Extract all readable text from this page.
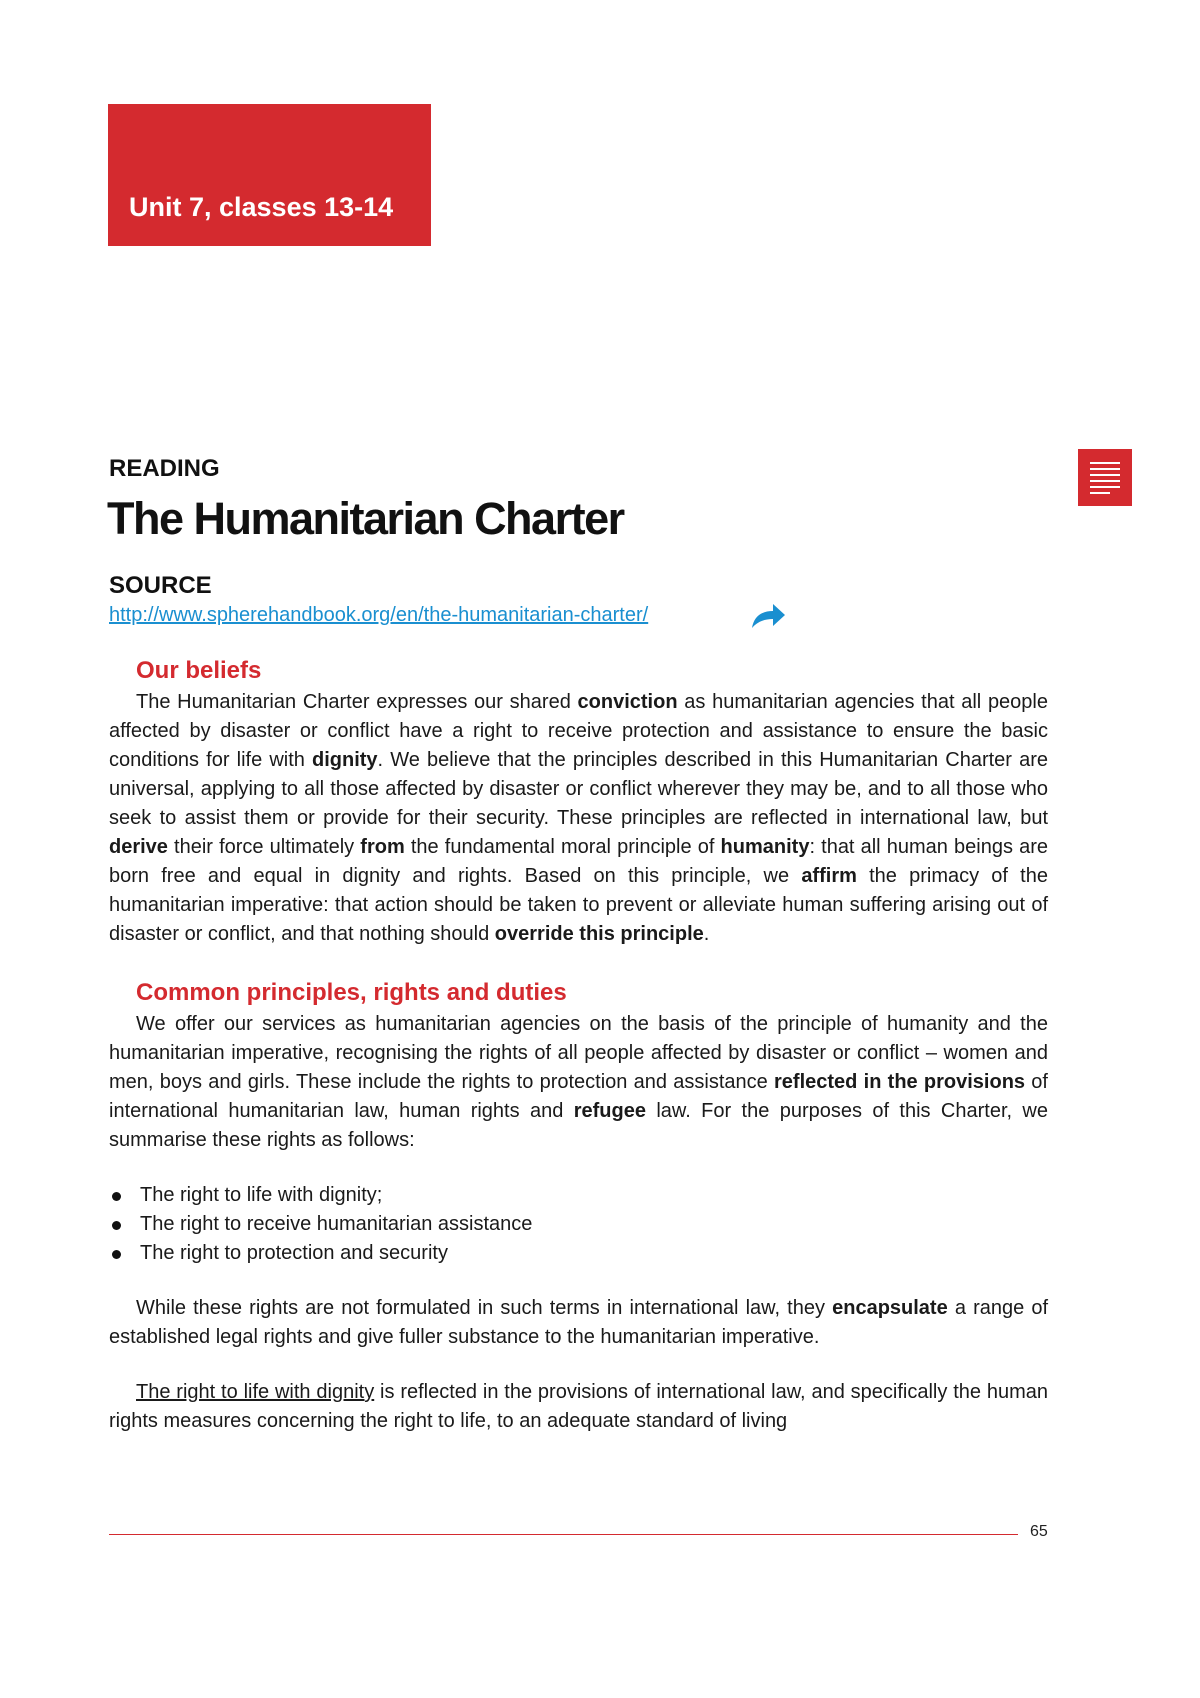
Unit 7, classes 13-14
READING
The Humanitarian Charter
SOURCE
http://www.spherehandbook.org/en/the-humanitarian-charter/
Our beliefs

The Humanitarian Charter expresses our shared conviction as humanitarian agencies that all people affected by disaster or conflict have a right to receive protection and assistance to ensure the basic conditions for life with dignity. We believe that the principles described in this Humanitarian Charter are universal, applying to all those affected by disaster or conflict wherever they may be, and to all those who seek to assist them or provide for their security. These principles are reflected in international law, but derive their force ultimately from the fundamental moral principle of humanity: that all human beings are born free and equal in dignity and rights. Based on this principle, we affirm the primacy of the humanitarian imperative: that action should be taken to prevent or alleviate human suffering arising out of disaster or conflict, and that nothing should override this principle.

Common principles, rights and duties

We offer our services as humanitarian agencies on the basis of the principle of humanity and the humanitarian imperative, recognising the rights of all people affected by disaster or conflict – women and men, boys and girls. These include the rights to protection and assistance reflected in the provisions of international humanitarian law, human rights and refugee law. For the purposes of this Charter, we summarise these rights as follows:

The right to life with dignity;
The right to receive humanitarian assistance
The right to protection and security

While these rights are not formulated in such terms in international law, they encapsulate a range of established legal rights and give fuller substance to the humanitarian imperative.

The right to life with dignity is reflected in the provisions of international law, and specifically the human rights measures concerning the right to life, to an adequate standard of living

65
